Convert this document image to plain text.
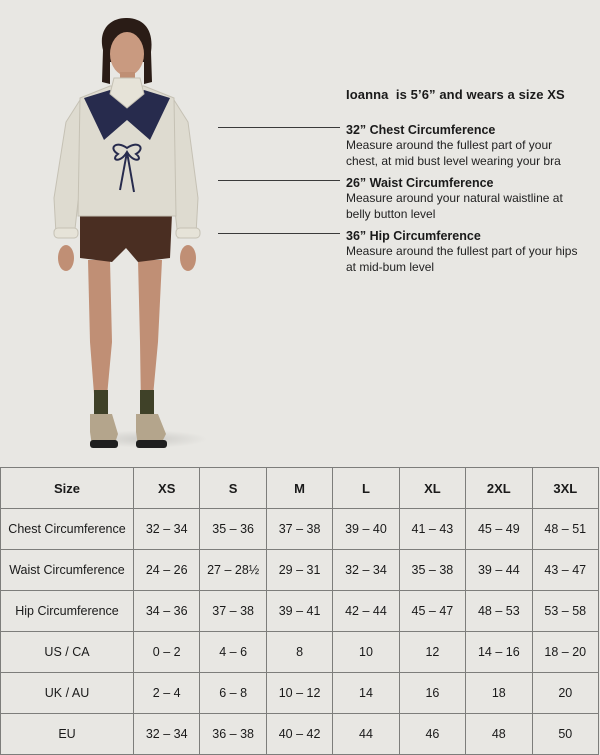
Ioanna  is 5’6” and wears a size XS
32” Chest Circumference
Measure around the fullest part of your
chest, at mid bust level wearing your bra
26” Waist Circumference
Measure around your natural waistline at
belly button level
36” Hip Circumference
Measure around the fullest part of your hips
at mid-bum level
Size	XS	S	M	L	XL	2XL	3XL
Chest Circumference	32 – 34	35 – 36	37 – 38	39 – 40	41 – 43	45 – 49	48 – 51
Waist Circumference	24 – 26	27 – 28½	29 – 31	32 – 34	35 – 38	39 – 44	43 – 47
Hip Circumference	34 – 36	37 – 38	39 – 41	42 – 44	45 – 47	48 – 53	53 – 58
US / CA	0 – 2	4 – 6	8	10	12	14 – 16	18 – 20
UK / AU	2 – 4	6 – 8	10 – 12	14	16	18	20
EU	32 – 34	36 – 38	40 – 42	44	46	48	50
